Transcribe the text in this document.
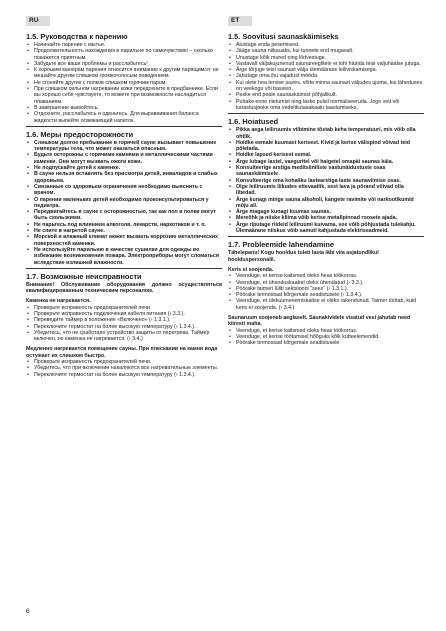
RU	ET
1.5. Руководства к парению
• Начинайте парение с мытья.
• Продолжительность нахождения в парильне по самочувствию – сколько покажется приятным.
• Забудьте все ваши проблемы и расслабьтесь!
• К хорошим манерам парения относится внимание к другим парящимся: не мешайте другим слишком громкоголосым поведением.
• Не сгоняйте других с полков слишком горячим паром.
• При слишком сильном нагревании кожи передохните в предбаннике. Если вы хорошо себя чувствуете, то можете при возможности насладиться плаванием.
• В завершение вымойтесь.
• Отдохните, расслабьтесь и оденьтесь. Для выравнивания баланса жидкости выпейте освежающий напиток.
1.6. Меры предосторожности
• Слишком долгое пребывание в горячей сауне вызывает повышение температуры тела, что может оказаться опасным.
• Будьте осторожны с горячими камнями и металлическими частями каменки. Они могут вызвать ожоги кожи.
• Не подпускайте детей к каменке.
• В сауне нельзя оставлять без присмотра детей, инвалидов и слабых здоровьем.
• Связанные со здоровьем ограничения необходимо выяснить с врачом.
• О парении маленьких детей необходимо проконсультироваться у педиатра.
• Передвигайтесь в сауне с осторожностью, так как пол и полки могут быть скользкими.
• Не парьтесь под влиянием алкоголя, лекарств, наркотиков и т. п.
• Не спите в нагретой сауне.
• Морской и влажный климат может вызвать коррозию металлических поверхностей каменки.
• Не используйте парильню в качестве сушилки для одежды во избежание возникновения пожара. Электроприборы могут сломаться вследствие излишней влажности.
1.7. Возможные неисправности

Внимание! Обслуживание оборудования должно осуществляться квалифицированным техническим персоналом.

Каменка не нагревается.

• Проверьте исправность предохранителей печи
• Проверьте исправность подключения кабеля питания (› 3.3.).
• Переведите таймер в положение «Включено» (› 1.3.1.).
• Переключите термостат на более высокую температуру (› 1.3.4.).
• Убедитесь, что не сработало устройство защиты от перегрева. Таймер включен, но каменка не нагревается. (› 3.4.)

Медленно нагревается помещение сауны. При плескании на камни вода остужает их слишком быстро.

• Проверьте исправность предохранителей печи.
• Убедитесь, что при включении накаляются все нагревательные элементы.
• Переключите термостат на более высокую температуру (› 1.3.4.).
1.5. Soovitusi saunaskäimiseks
• Alustage enda pesemisest.
• Jääge sauna niikauaks, kui tunnete end mugavalt.
• Unustage kõik mured ning lõdvestuge.
• Vastavalt väljakujunenud saunareeglitele ei tohi häirida teisi valjuhäälse jutuga.
• Ärge tõrjuge teisi saunast välja ülemäärase leiliviskamisega.
• Jahutage oma ihu vajadust mööda.
• Kui olete hea tervise juures, võite minna saunast väljudes ujuma, kui läheduses on veekogu või bassein.
• Peske end peale saunaskäimist põhjalikult.
• Puhake enne riietumist ning laske pulsil normaliseeruda. Joge vett või karastusjooke oma vedelikutasakaalu taastamiseks.
1.6. Hoiatused
• Pikka aega leiliruumis viibimine tõstab keha temperatuuri, mis võib olla ohtlik.
• Hoidke eemale kuumast kerisest. Kivid ja kerise välispind võivad teid põletada.
• Hoidke lapsed kerisest eemal.
• Ärge lubage lastel, vaeguritel või haigetel omapäi saunas käia.
• Konsulteerige arstiga meditsiiniliste vastunäidustuste osas saunaskäimisele.
• Konsulteerige oma kohaliku lastearstiga laste saunaviimise osas.
• Olge leiliruumis liikudes ettevaatlik, sest lava ja põrand võivad olla libedad.
• Ärge kunagi minge sauna alkoholi, kangete ravimite või narkootikumid mõju all.
• Ärge magage kunagi kuumas saunas.
• Mereõhk ja niiske kliima võib kerise metallpinnad roosete ajada.
• Ärge riputage riideid leiliruumi kuivama, see võib põhjustada tulekahju. Ülemäärane niiskus võib samuti kahjustada elektriseadmeid.
1.7. Probleemide lahendamine

Tähelepanu! Kogu hooldus tuleb lasta läbi viia asjatundlikul hoolduspersonalil.

Keris ei soojenda.

• Veenduge, et kerise kaitsmed oleks heas töökorras.
• Veenduge, et ühenduskaabel oleks ühendatud (› 3.3.).
• Pöörake taimeri lüliti sektsiooni "sees" (› 1.3.1.).
• Pöörake termostaat kõrgemale seadistusele (› 1.3.4.).
• Veenduge, et ülekuumenemiskaitse ei oleks rakendunud. Taimer töötab, kuid keris ei soojenda. (› 3.4.)

Saunaruum soojeneb aeglaselt. Saunakividele visatud vesi jahutab need kiiresti maha.

• Veenduge, et kerise kaitsmed oleks heas töökorras.
• Veenduge, et kerise töötamisel hõõguks kõik kütteelemendid.
• Pöörake termostaat kõrgemale seadistusele
6
